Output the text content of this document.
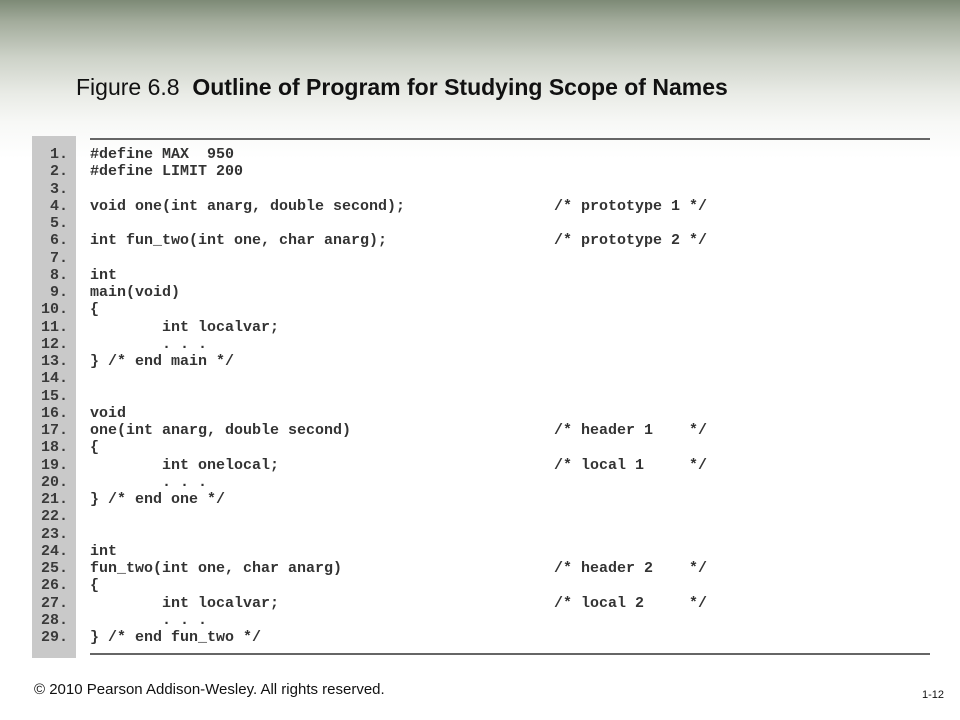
Figure 6.8 Outline of Program for Studying Scope of Names
1. #define MAX  950
2. #define LIMIT 200
3.
4. void one(int anarg, double second);	/* prototype 1 */
5.
6. int fun_two(int one, char anarg);	/* prototype 2 */
7.
8. int
9. main(void)
10. {
11. int localvar;
12. . . .
13. } /* end main */
14.
15.
16. void
17. one(int anarg, double second)	/* header 1    */
18. {
19. int onelocal;	/* local 1     */
20. . . .
21. } /* end one */
22.
23.
24. int
25. fun_two(int one, char anarg)	/* header 2    */
26. {
27. int localvar;	/* local 2     */
28. . . .
29. } /* end fun_two */
© 2010 Pearson Addison-Wesley. All rights reserved.	1-12
